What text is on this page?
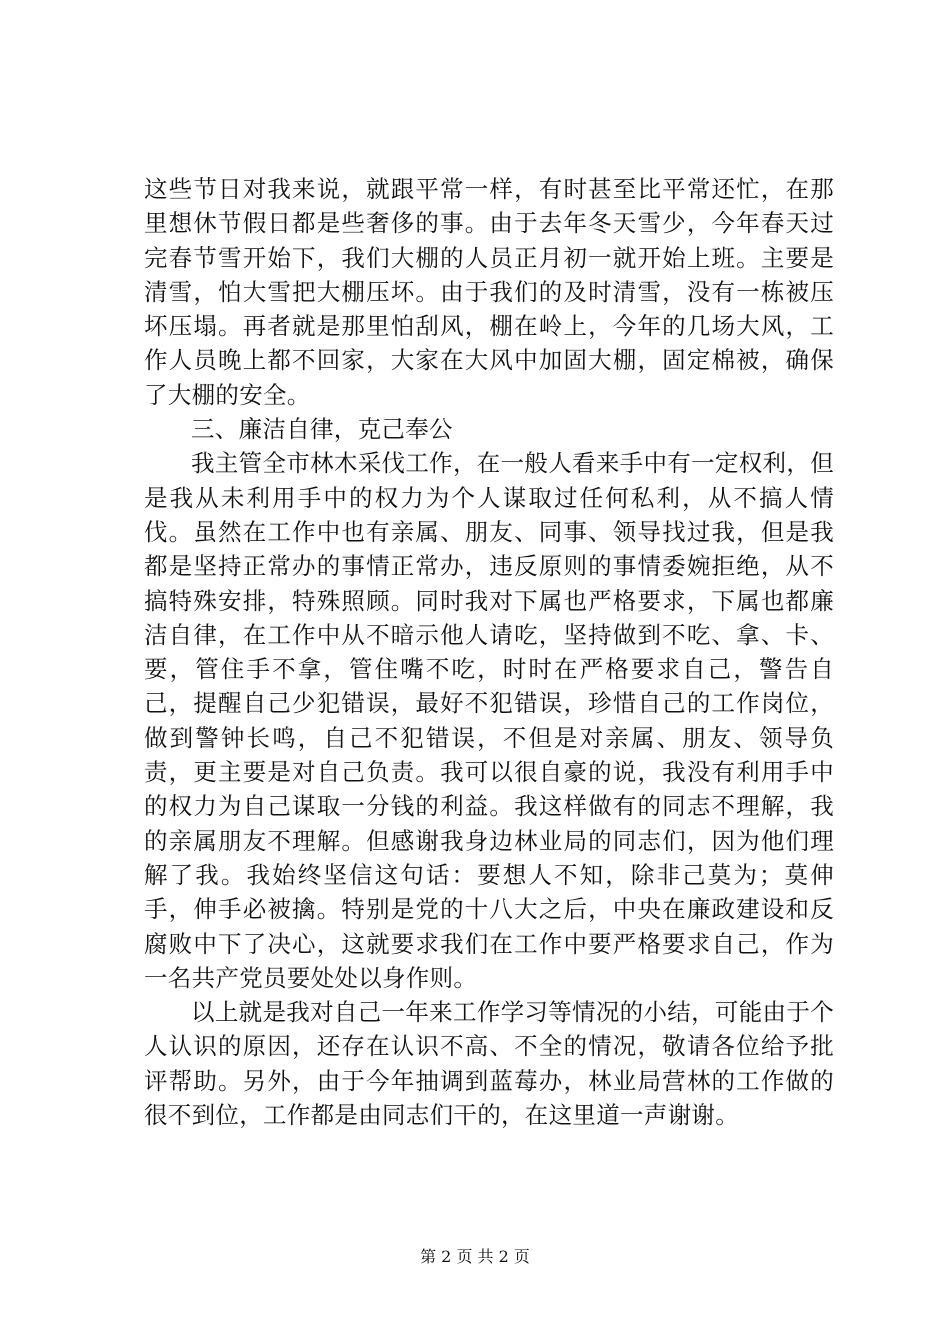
这些节日对我来说，就跟平常一样，有时甚至比平常还忙，在那里想休节假日都是些奢侈的事。由于去年冬天雪少，今年春天过完春节雪开始下，我们大棚的人员正月初一就开始上班。主要是清雪，怕大雪把大棚压坏。由于我们的及时清雪，没有一栋被压坏压塌。再者就是那里怕刮风，棚在岭上，今年的几场大风，工作人员晚上都不回家，大家在大风中加固大棚，固定棉被，确保了大棚的安全。

三、廉洁自律，克己奉公

我主管全市林木采伐工作，在一般人看来手中有一定权利，但是我从未利用手中的权力为个人谋取过任何私利，从不搞人情伐。虽然在工作中也有亲属、朋友、同事、领导找过我，但是我都是坚持正常办的事情正常办，违反原则的事情委婉拒绝，从不搞特殊安排，特殊照顾。同时我对下属也严格要求，下属也都廉洁自律，在工作中从不暗示他人请吃，坚持做到不吃、拿、卡、要，管住手不拿，管住嘴不吃，时时在严格要求自己，警告自己，提醒自己少犯错误，最好不犯错误，珍惜自己的工作岗位，做到警钟长鸣，自己不犯错误，不但是对亲属、朋友、领导负责，更主要是对自己负责。我可以很自豪的说，我没有利用手中的权力为自己谋取一分钱的利益。我这样做有的同志不理解，我的亲属朋友不理解。但感谢我身边林业局的同志们，因为他们理解了我。我始终坚信这句话：要想人不知，除非己莫为；莫伸手，伸手必被擒。特别是党的十八大之后，中央在廉政建设和反腐败中下了决心，这就要求我们在工作中要严格要求自己，作为一名共产党员要处处以身作则。

以上就是我对自己一年来工作学习等情况的小结，可能由于个人认识的原因，还存在认识不高、不全的情况，敬请各位给予批评帮助。另外，由于今年抽调到蓝莓办，林业局营林的工作做的很不到位，工作都是由同志们干的，在这里道一声谢谢。

第 2 页 共 2 页
